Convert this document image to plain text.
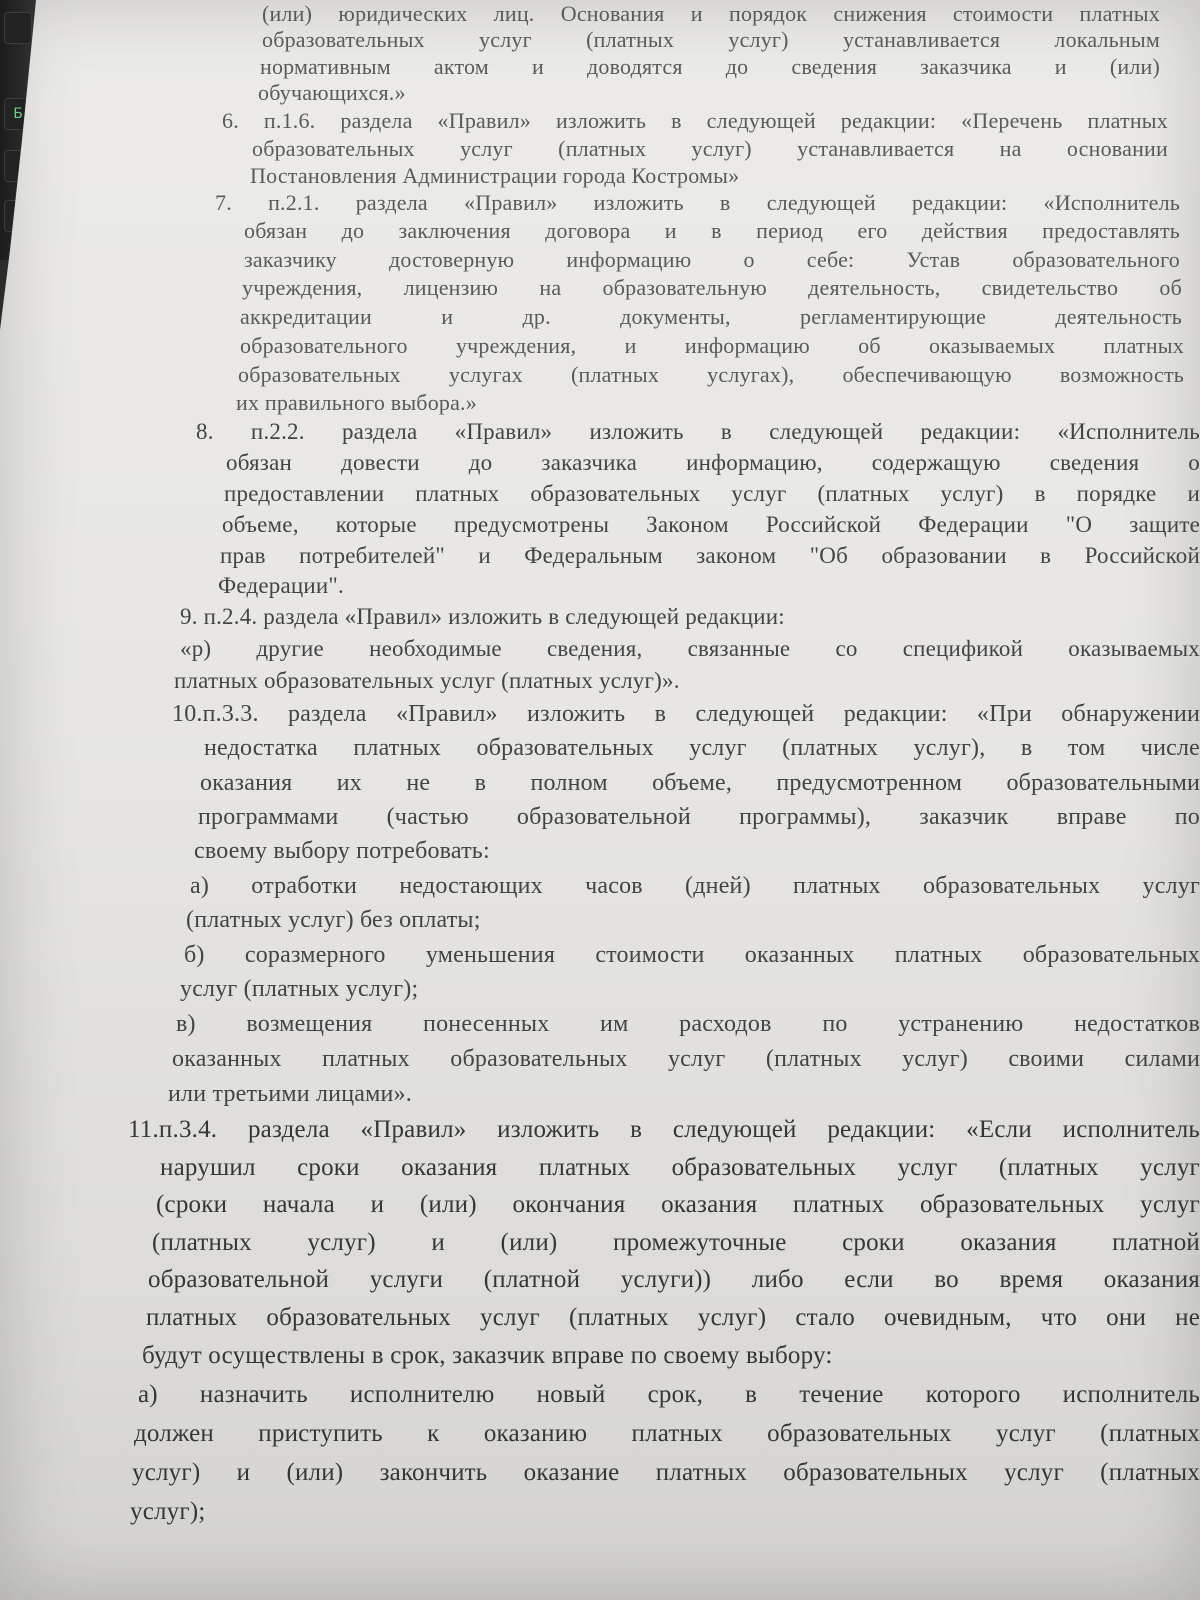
Б
(или) юридических лиц. Основания и порядок снижения стоимости платных
образовательных услуг (платных услуг) устанавливается локальным
нормативным актом и доводятся до сведения заказчика и (или)
обучающихся.»
6. п.1.6. раздела «Правил» изложить в следующей редакции: «Перечень платных
образовательных услуг (платных услуг) устанавливается на основании
Постановления Администрации города Костромы»
7. п.2.1. раздела «Правил» изложить в следующей редакции: «Исполнитель
обязан до заключения договора и в период его действия предоставлять
заказчику достоверную информацию о себе: Устав образовательного
учреждения, лицензию на образовательную деятельность, свидетельство об
аккредитации и др. документы, регламентирующие деятельность
образовательного учреждения, и информацию об оказываемых платных
образовательных услугах (платных услугах), обеспечивающую возможность
их правильного выбора.»
8. п.2.2. раздела «Правил» изложить в следующей редакции: «Исполнитель
обязан довести до заказчика информацию, содержащую сведения о
предоставлении платных образовательных услуг (платных услуг) в порядке и
объеме, которые предусмотрены Законом Российской Федерации "О защите
прав потребителей" и Федеральным законом "Об образовании в Российской
Федерации".
9. п.2.4. раздела «Правил» изложить в следующей редакции:
«р) другие необходимые сведения, связанные со спецификой оказываемых
платных образовательных услуг (платных услуг)».
10.п.3.3. раздела «Правил» изложить в следующей редакции: «При обнаружении
недостатка платных образовательных услуг (платных услуг), в том числе
оказания их не в полном объеме, предусмотренном образовательными
программами (частью образовательной программы), заказчик вправе по
своему выбору потребовать:
а) отработки недостающих часов (дней) платных образовательных услуг
(платных услуг) без оплаты;
б) соразмерного уменьшения стоимости оказанных платных образовательных
услуг (платных услуг);
в) возмещения понесенных им расходов по устранению недостатков
оказанных платных образовательных услуг (платных услуг) своими силами
или третьими лицами».
11.п.3.4. раздела «Правил» изложить в следующей редакции: «Если исполнитель
нарушил сроки оказания платных образовательных услуг (платных услуг
(сроки начала и (или) окончания оказания платных образовательных услуг
(платных услуг) и (или) промежуточные сроки оказания платной
образовательной услуги (платной услуги)) либо если во время оказания
платных образовательных услуг (платных услуг) стало очевидным, что они не
будут осуществлены в срок, заказчик вправе по своему выбору:
а) назначить исполнителю новый срок, в течение которого исполнитель
должен приступить к оказанию платных образовательных услуг (платных
услуг) и (или) закончить оказание платных образовательных услуг (платных
услуг);
